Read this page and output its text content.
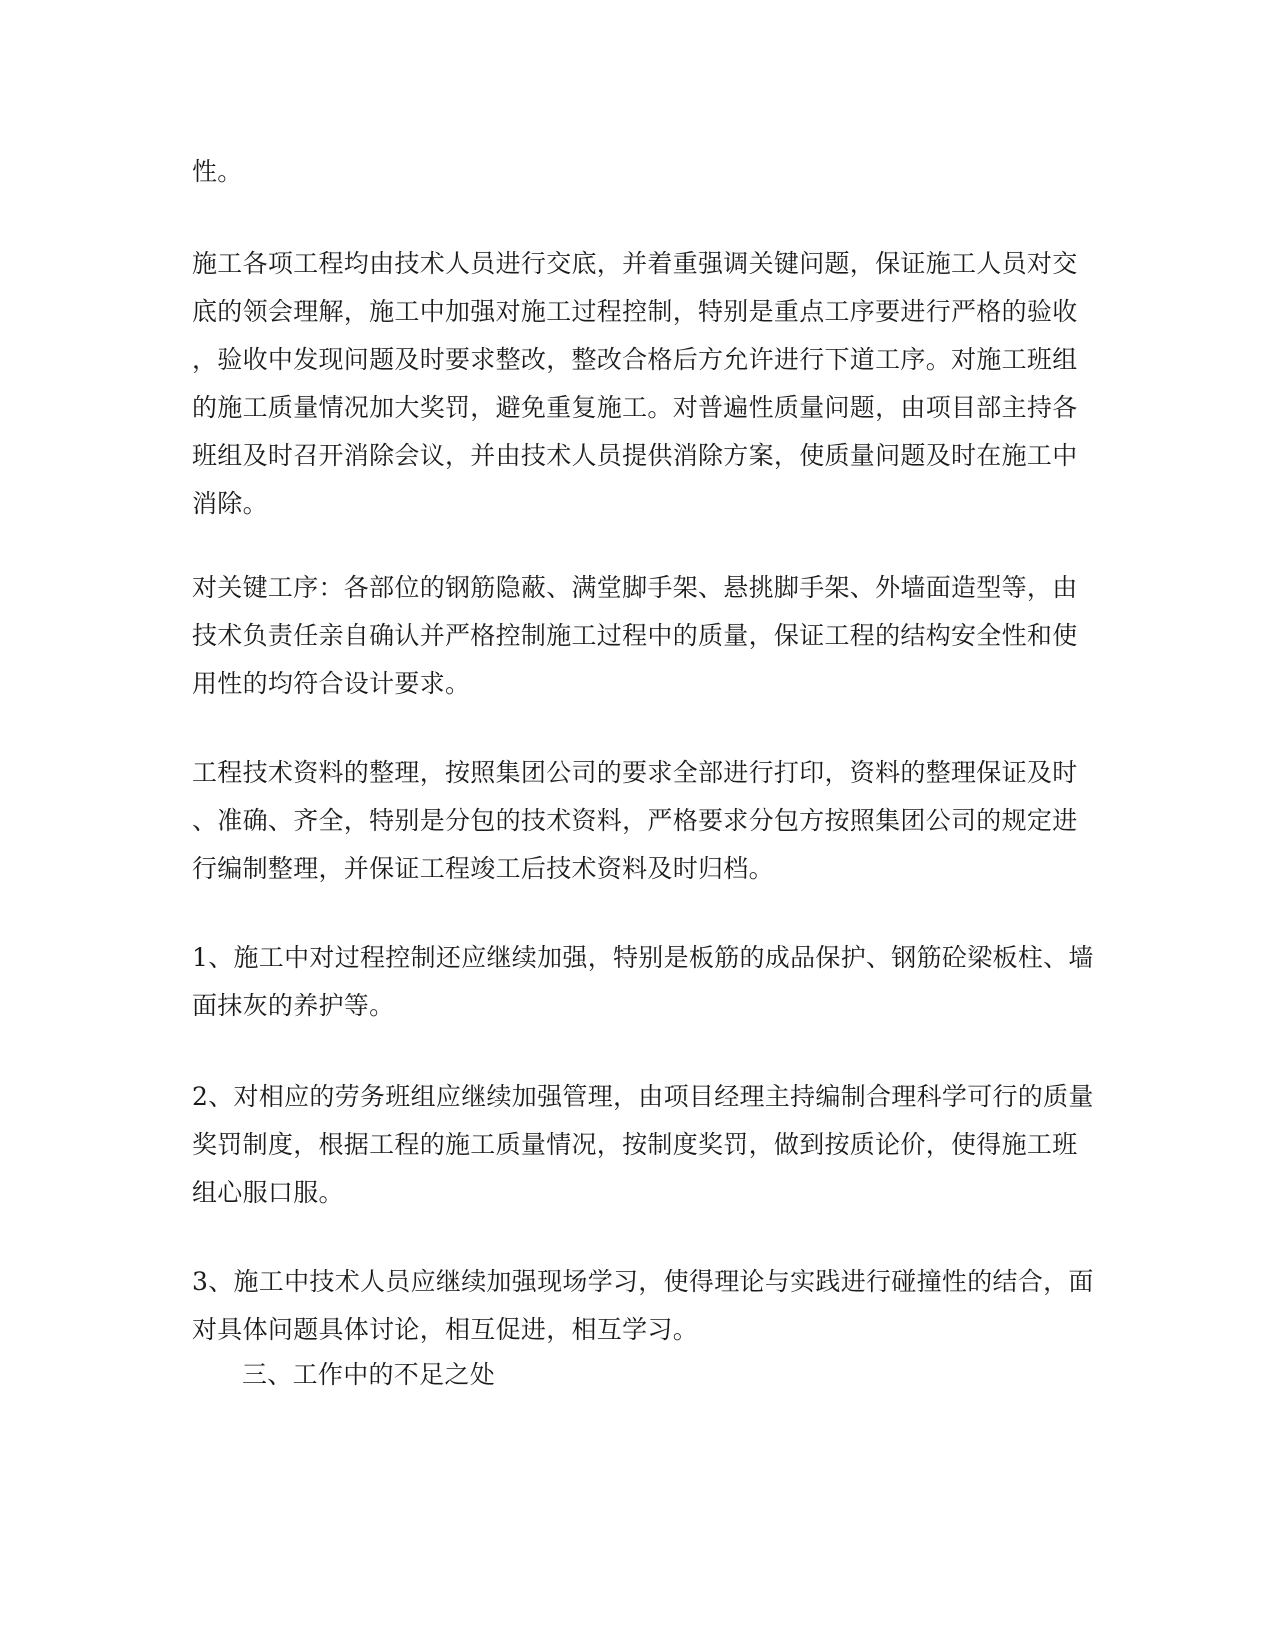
性。

施工各项工程均由技术人员进行交底，并着重强调关键问题，保证施工人员对交
底的领会理解，施工中加强对施工过程控制，特别是重点工序要进行严格的验收
，验收中发现问题及时要求整改，整改合格后方允许进行下道工序。对施工班组
的施工质量情况加大奖罚，避免重复施工。对普遍性质量问题，由项目部主持各
班组及时召开消除会议，并由技术人员提供消除方案，使质量问题及时在施工中
消除。

对关键工序：各部位的钢筋隐蔽、满堂脚手架、悬挑脚手架、外墙面造型等，由
技术负责任亲自确认并严格控制施工过程中的质量，保证工程的结构安全性和使
用性的均符合设计要求。

工程技术资料的整理，按照集团公司的要求全部进行打印，资料的整理保证及时
、准确、齐全，特别是分包的技术资料，严格要求分包方按照集团公司的规定进
行编制整理，并保证工程竣工后技术资料及时归档。

1、施工中对过程控制还应继续加强，特别是板筋的成品保护、钢筋砼梁板柱、墙
面抹灰的养护等。

2、对相应的劳务班组应继续加强管理，由项目经理主持编制合理科学可行的质量
奖罚制度，根据工程的施工质量情况，按制度奖罚，做到按质论价，使得施工班
组心服口服。

3、施工中技术人员应继续加强现场学习，使得理论与实践进行碰撞性的结合，面
对具体问题具体讨论，相互促进，相互学习。

三、工作中的不足之处
